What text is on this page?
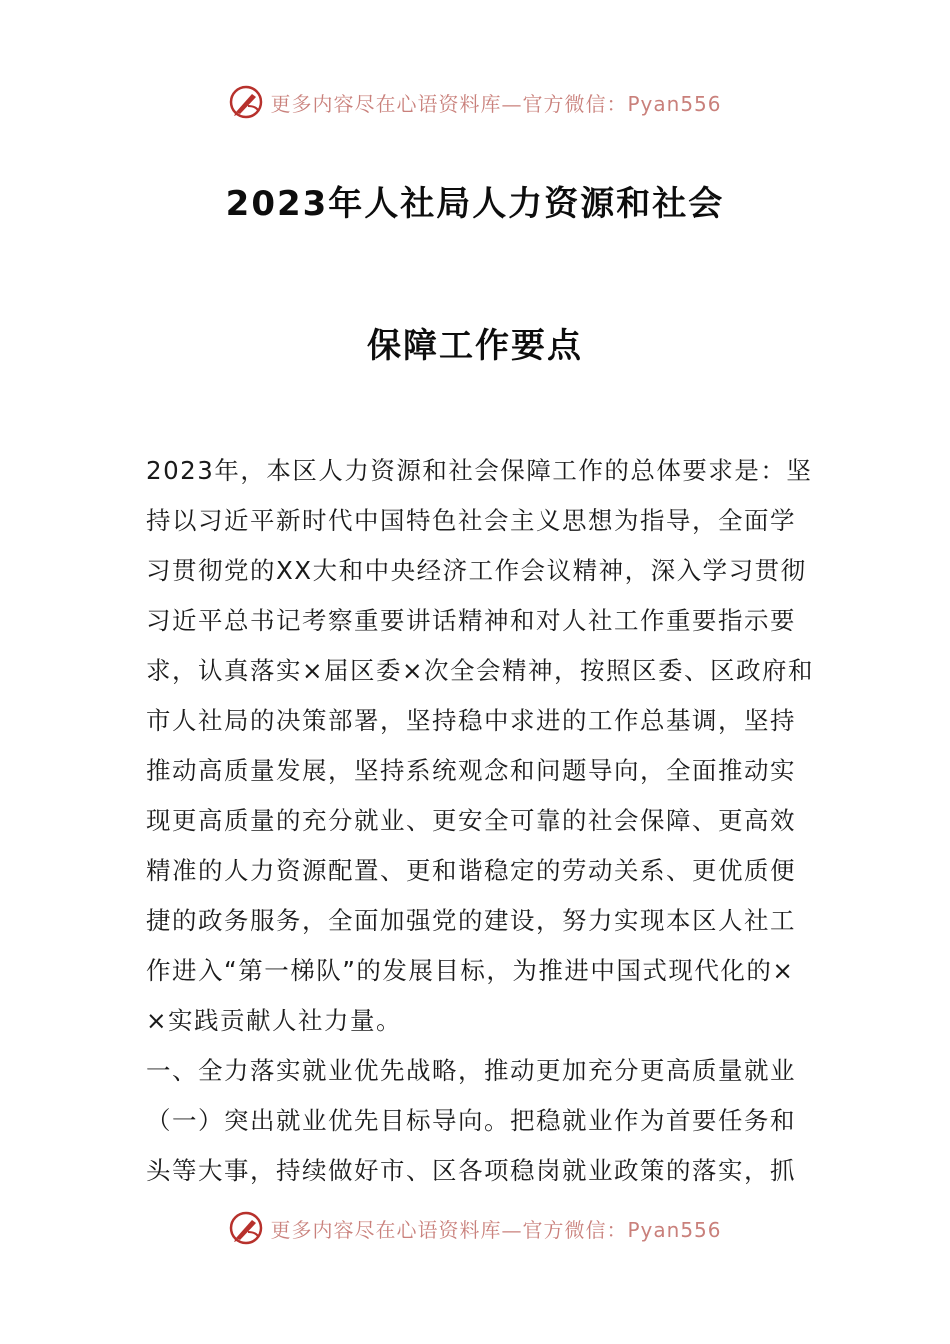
更多内容尽在心语资料库—官方微信：Pyan556
2023年人社局人力资源和社会
保障工作要点

2023年，本区人力资源和社会保障工作的总体要求是：坚

持以习近平新时代中国特色社会主义思想为指导，全面学

习贯彻党的XX大和中央经济工作会议精神，深入学习贯彻

习近平总书记考察重要讲话精神和对人社工作重要指示要

求，认真落实×届区委×次全会精神，按照区委、区政府和

市人社局的决策部署，坚持稳中求进的工作总基调，坚持

推动高质量发展，坚持系统观念和问题导向，全面推动实

现更高质量的充分就业、更安全可靠的社会保障、更高效

精准的人力资源配置、更和谐稳定的劳动关系、更优质便

捷的政务服务，全面加强党的建设，努力实现本区人社工

作进入“第一梯队”的发展目标，为推进中国式现代化的×

×实践贡献人社力量。

一、全力落实就业优先战略，推动更加充分更高质量就业

（一）突出就业优先目标导向。把稳就业作为首要任务和

头等大事，持续做好市、区各项稳岗就业政策的落实，抓

更多内容尽在心语资料库—官方微信：Pyan556
